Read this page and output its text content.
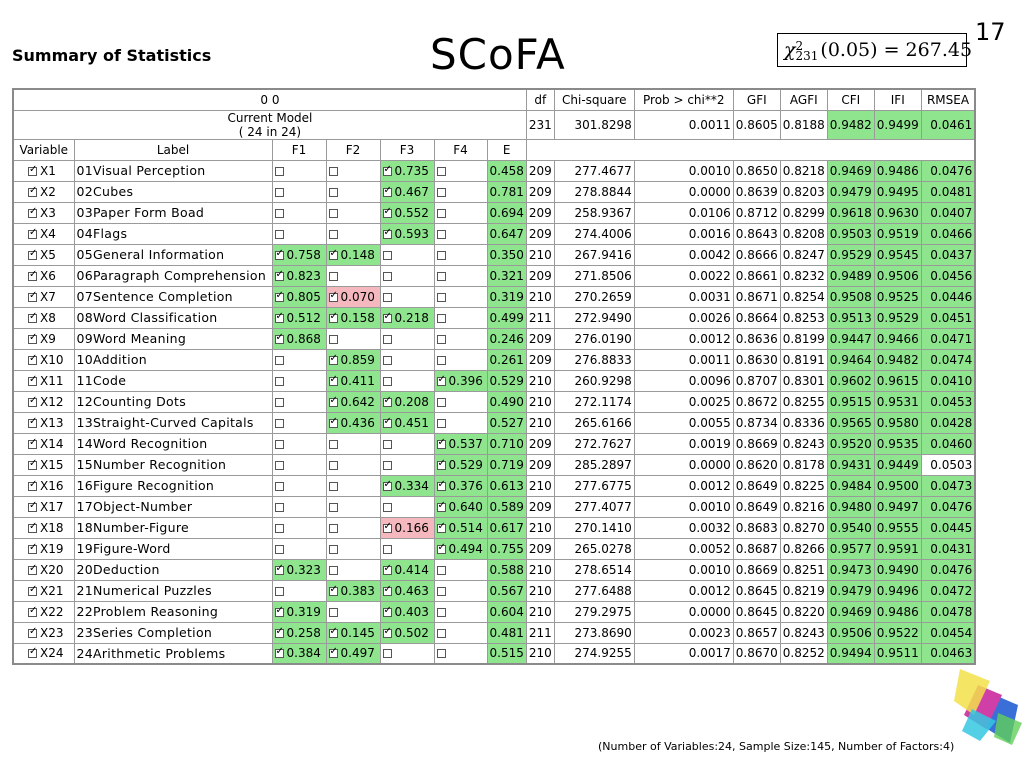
17
Summary of Statistics	SCoFA	χ 2
231 (0.05) = 267.45
0 0							df	Chi-square	Prob > chi**2	GFI	AGFI	CFI	IFI	RMSEA
Current Model
( 24 in 24)							231	301.8298	0.0011	0.8605	0.8188	0.9482	0.9499	0.0461
Variable	Label	F1	F2	F3	F4	E								
✓X1	01Visual Perception			✓0.735		0.458	209	277.4677	0.0010	0.8650	0.8218	0.9469	0.9486	0.0476
✓X2	02Cubes			✓0.467		0.781	209	278.8844	0.0000	0.8639	0.8203	0.9479	0.9495	0.0481
✓X3	03Paper Form Boad			✓0.552		0.694	209	258.9367	0.0106	0.8712	0.8299	0.9618	0.9630	0.0407
✓X4	04Flags			✓0.593		0.647	209	274.4006	0.0016	0.8643	0.8208	0.9503	0.9519	0.0466
✓X5	05General Information	✓0.758	✓0.148			0.350	210	267.9416	0.0042	0.8666	0.8247	0.9529	0.9545	0.0437
✓X6	06Paragraph Comprehension	✓0.823				0.321	209	271.8506	0.0022	0.8661	0.8232	0.9489	0.9506	0.0456
✓X7	07Sentence Completion	✓0.805	✓0.070			0.319	210	270.2659	0.0031	0.8671	0.8254	0.9508	0.9525	0.0446
✓X8	08Word Classification	✓0.512	✓0.158	✓0.218		0.499	211	272.9490	0.0026	0.8664	0.8253	0.9513	0.9529	0.0451
✓X9	09Word Meaning	✓0.868				0.246	209	276.0190	0.0012	0.8636	0.8199	0.9447	0.9466	0.0471
✓X10	10Addition		✓0.859			0.261	209	276.8833	0.0011	0.8630	0.8191	0.9464	0.9482	0.0474
✓X11	11Code		✓0.411		✓0.396	0.529	210	260.9298	0.0096	0.8707	0.8301	0.9602	0.9615	0.0410
✓X12	12Counting Dots		✓0.642	✓0.208		0.490	210	272.1174	0.0025	0.8672	0.8255	0.9515	0.9531	0.0453
✓X13	13Straight-Curved Capitals		✓0.436	✓0.451		0.527	210	265.6166	0.0055	0.8734	0.8336	0.9565	0.9580	0.0428
✓X14	14Word Recognition				✓0.537	0.710	209	272.7627	0.0019	0.8669	0.8243	0.9520	0.9535	0.0460
✓X15	15Number Recognition				✓0.529	0.719	209	285.2897	0.0000	0.8620	0.8178	0.9431	0.9449	0.0503
✓X16	16Figure Recognition			✓0.334	✓0.376	0.613	210	277.6775	0.0012	0.8649	0.8225	0.9484	0.9500	0.0473
✓X17	17Object-Number				✓0.640	0.589	209	277.4077	0.0010	0.8649	0.8216	0.9480	0.9497	0.0476
✓X18	18Number-Figure			✓0.166	✓0.514	0.617	210	270.1410	0.0032	0.8683	0.8270	0.9540	0.9555	0.0445
✓X19	19Figure-Word				✓0.494	0.755	209	265.0278	0.0052	0.8687	0.8266	0.9577	0.9591	0.0431
✓X20	20Deduction	✓0.323		✓0.414		0.588	210	278.6514	0.0010	0.8669	0.8251	0.9473	0.9490	0.0476
✓X21	21Numerical Puzzles		✓0.383	✓0.463		0.567	210	277.6488	0.0012	0.8645	0.8219	0.9479	0.9496	0.0472
✓X22	22Problem Reasoning	✓0.319		✓0.403		0.604	210	279.2975	0.0000	0.8645	0.8220	0.9469	0.9486	0.0478
✓X23	23Series Completion	✓0.258	✓0.145	✓0.502		0.481	211	273.8690	0.0023	0.8657	0.8243	0.9506	0.9522	0.0454
✓X24	24Arithmetic Problems	✓0.384	✓0.497			0.515	210	274.9255	0.0017	0.8670	0.8252	0.9494	0.9511	0.0463
(Number of Variables:24, Sample Size:145, Number of Factors:4)
